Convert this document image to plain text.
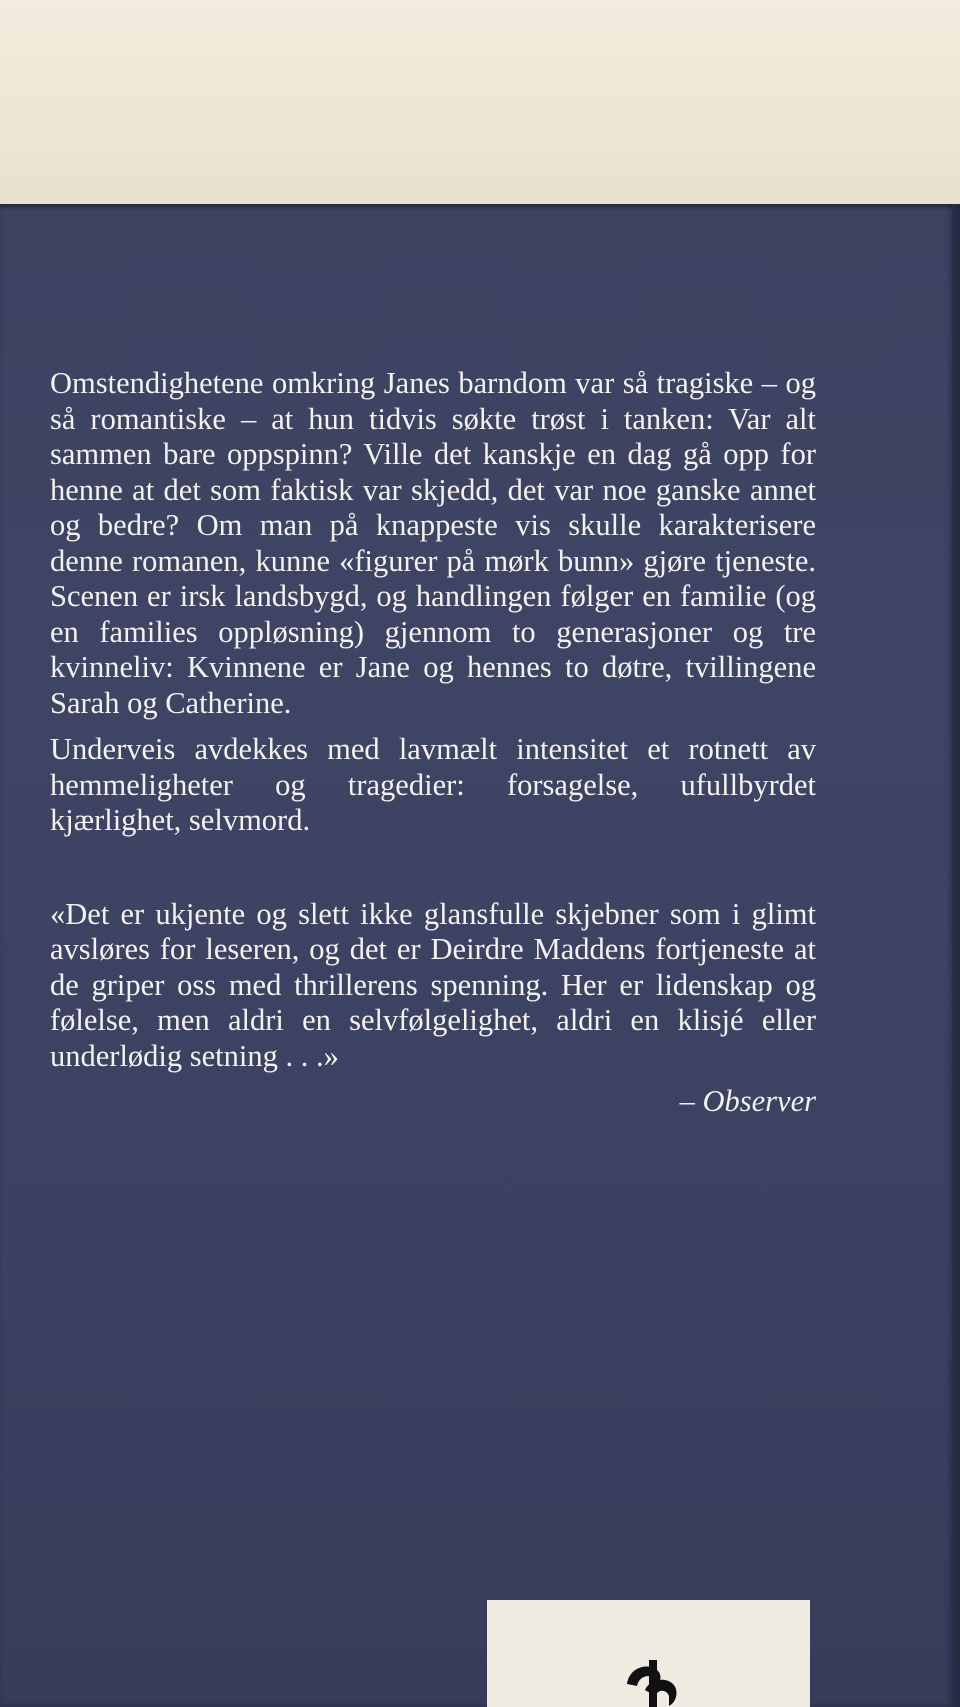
Omstendighetene omkring Janes barndom var så tragiske – og så romantiske – at hun tidvis søkte trøst i tanken: Var alt sammen bare oppspinn? Ville det kanskje en dag gå opp for henne at det som faktisk var skjedd, det var noe ganske annet og bedre? Om man på knappeste vis skulle karakterisere denne romanen, kunne «figurer på mørk bunn» gjøre tjeneste. Scenen er irsk landsbygd, og handlingen følger en familie (og en families oppløsning) gjennom to generasjoner og tre kvinneliv: Kvinnene er Jane og hennes to døtre, tvillingene Sarah og Catherine.

Underveis avdekkes med lavmælt intensitet et rotnett av hemmeligheter og tragedier: forsagelse, ufullbyrdet kjærlighet, selvmord.

«Det er ukjente og slett ikke glansfulle skjebner som i glimt avsløres for leseren, og det er Deirdre Maddens fortjeneste at de griper oss med thrillerens spenning. Her er lidenskap og følelse, men aldri en selvfølgelighet, aldri en klisjé eller underlødig setning . . .»

– Observer
